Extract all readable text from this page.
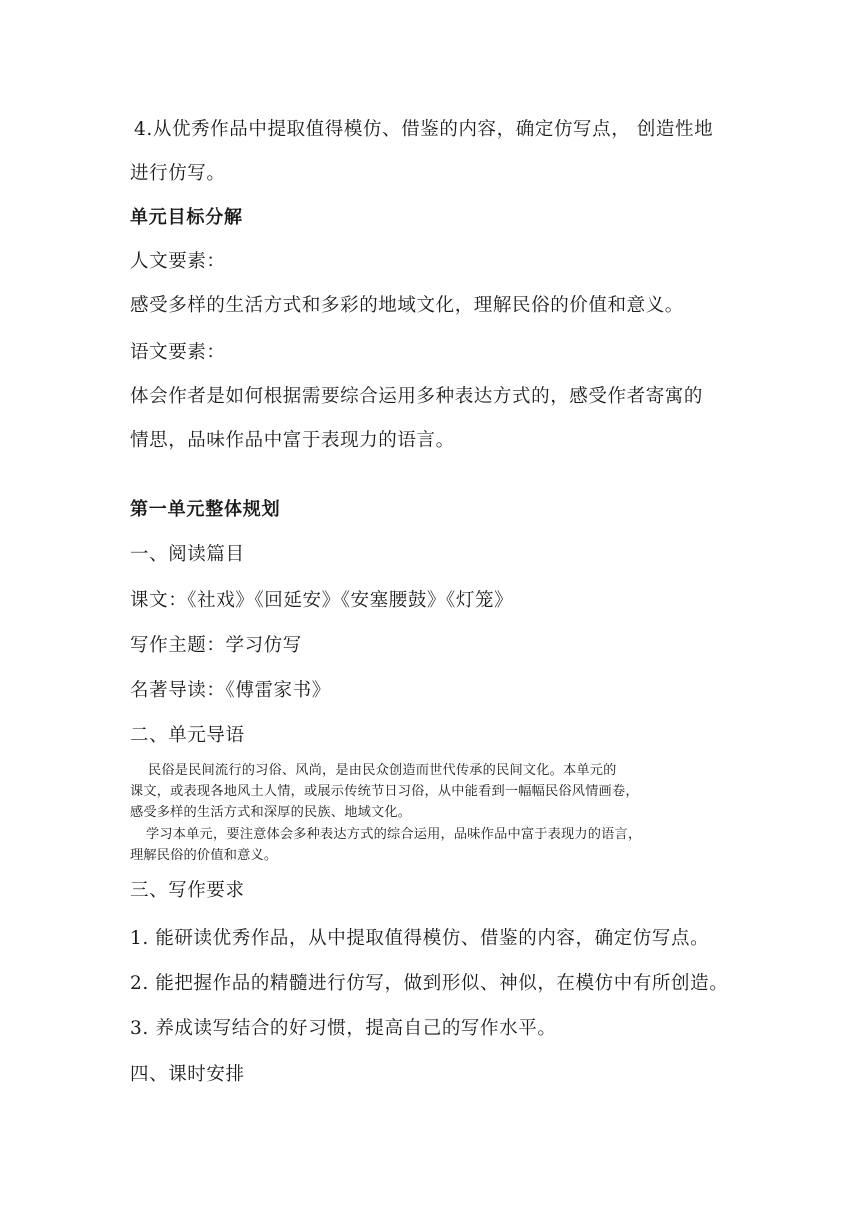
4.从优秀作品中提取值得模仿、借鉴的内容，确定仿写点， 创造性地
进行仿写。
单元目标分解
人文要素：
感受多样的生活方式和多彩的地域文化，理解民俗的价值和意义。
语文要素：
体会作者是如何根据需要综合运用多种表达方式的，感受作者寄寓的
情思，品味作品中富于表现力的语言。
第一单元整体规划
一、阅读篇目
课文：《社戏》《回延安》《安塞腰鼓》《灯笼》
写作主题：学习仿写
名著导读：《傅雷家书》
二、单元导语
民俗是民间流行的习俗、风尚，是由民众创造而世代传承的民间文化。本单元的
课文，或表现各地风土人情，或展示传统节日习俗，从中能看到一幅幅民俗风情画卷，
感受多样的生活方式和深厚的民族、地域文化。
学习本单元，要注意体会多种表达方式的综合运用，品味作品中富于表现力的语言，
理解民俗的价值和意义。
三、写作要求
1. 能研读优秀作品，从中提取值得模仿、借鉴的内容，确定仿写点。
2. 能把握作品的精髓进行仿写，做到形似、神似，在模仿中有所创造。
3. 养成读写结合的好习惯，提高自己的写作水平。
四、课时安排
